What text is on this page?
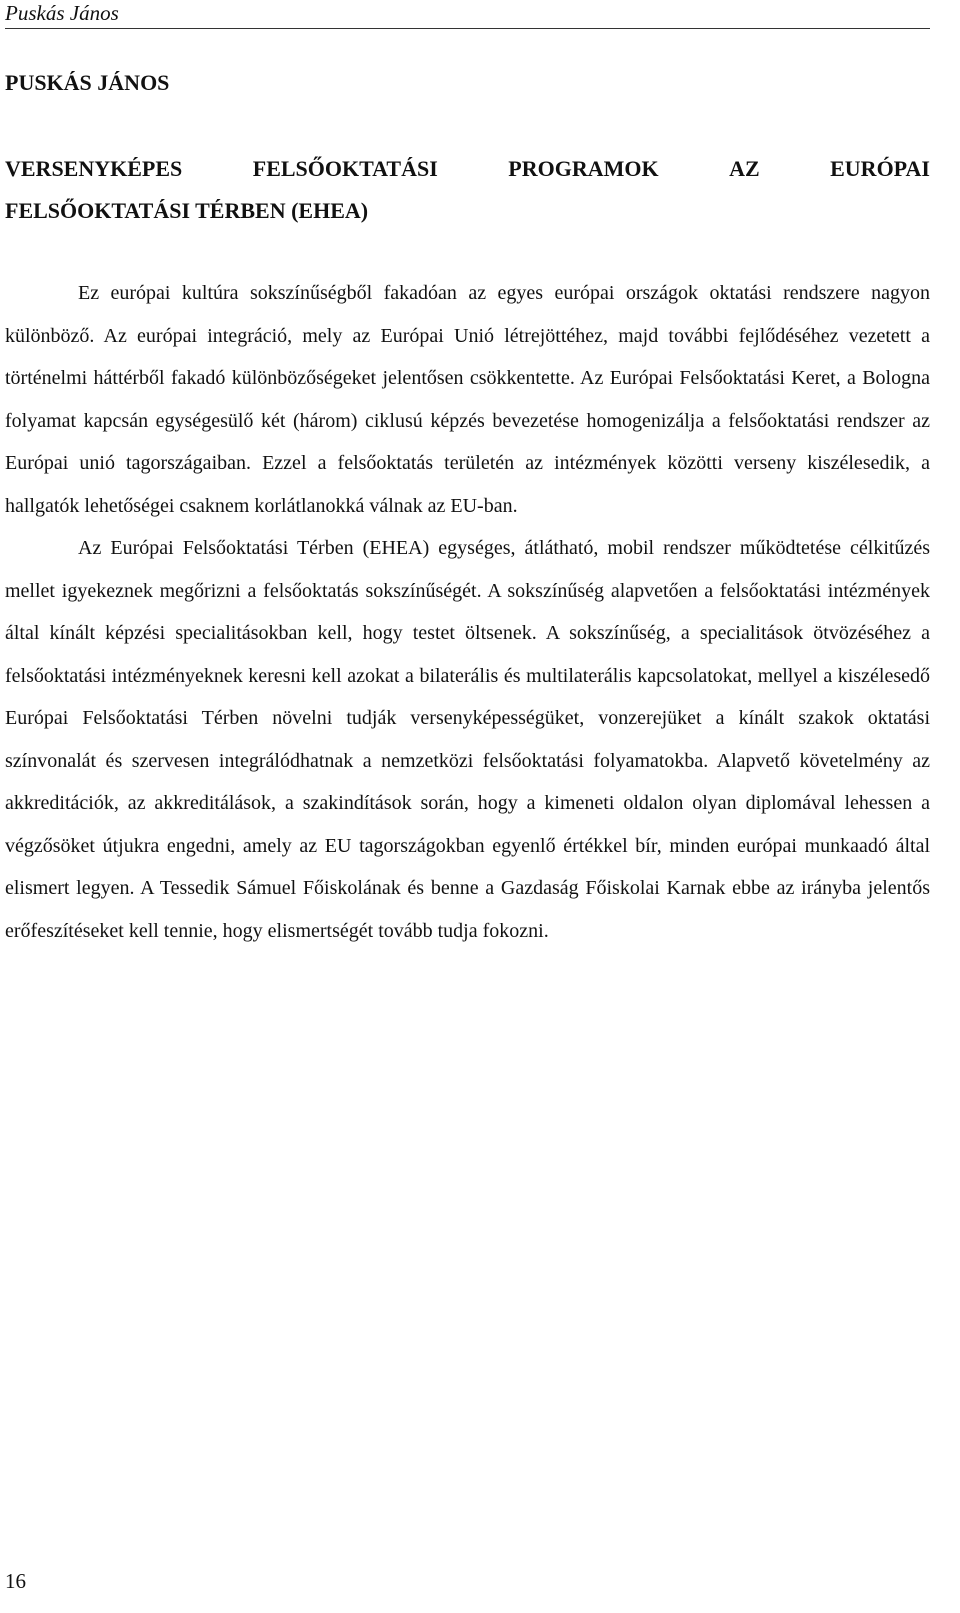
Puskás János
PUSKÁS JÁNOS
VERSENYKÉPES	FELSŐOKTATÁSI	PROGRAMOK	AZ	EURÓPAI
FELSŐOKTATÁSI TÉRBEN (EHEA)

Ez európai kultúra sokszínűségből fakadóan az egyes európai országok oktatási rendszere nagyon különböző. Az európai integráció, mely az Európai Unió létrejöttéhez, majd további fejlődéséhez vezetett a történelmi háttérből fakadó különbözőségeket jelentősen csökkentette. Az Európai Felsőoktatási Keret, a Bologna folyamat kapcsán egységesülő két (három) ciklusú képzés bevezetése homogenizálja a felsőoktatási rendszer az Európai unió tagországaiban. Ezzel a felsőoktatás területén az intézmények közötti verseny kiszélesedik, a hallgatók lehetőségei csaknem korlátlanokká válnak az EU-ban.

Az Európai Felsőoktatási Térben (EHEA) egységes, átlátható, mobil rendszer működtetése célkitűzés mellet igyekeznek megőrizni a felsőoktatás sokszínűségét. A sokszínűség alapvetően a felsőoktatási intézmények által kínált képzési specialitásokban kell, hogy testet öltsenek. A sokszínűség, a specialitások ötvözéséhez a felsőoktatási intézményeknek keresni kell azokat a bilaterális és multilaterális kapcsolatokat, mellyel a kiszélesedő Európai Felsőoktatási Térben növelni tudják versenyképességüket, vonzerejüket a kínált szakok oktatási színvonalát és szervesen integrálódhatnak a nemzetközi felsőoktatási folyamatokba. Alapvető követelmény az akkreditációk, az akkreditálások, a szakindítások során, hogy a kimeneti oldalon olyan diplomával lehessen a végzősöket útjukra engedni, amely az EU tagországokban egyenlő értékkel bír, minden európai munkaadó által elismert legyen. A Tessedik Sámuel Főiskolának és benne a Gazdaság Főiskolai Karnak ebbe az irányba jelentős erőfeszítéseket kell tennie, hogy elismertségét tovább tudja fokozni.

16
